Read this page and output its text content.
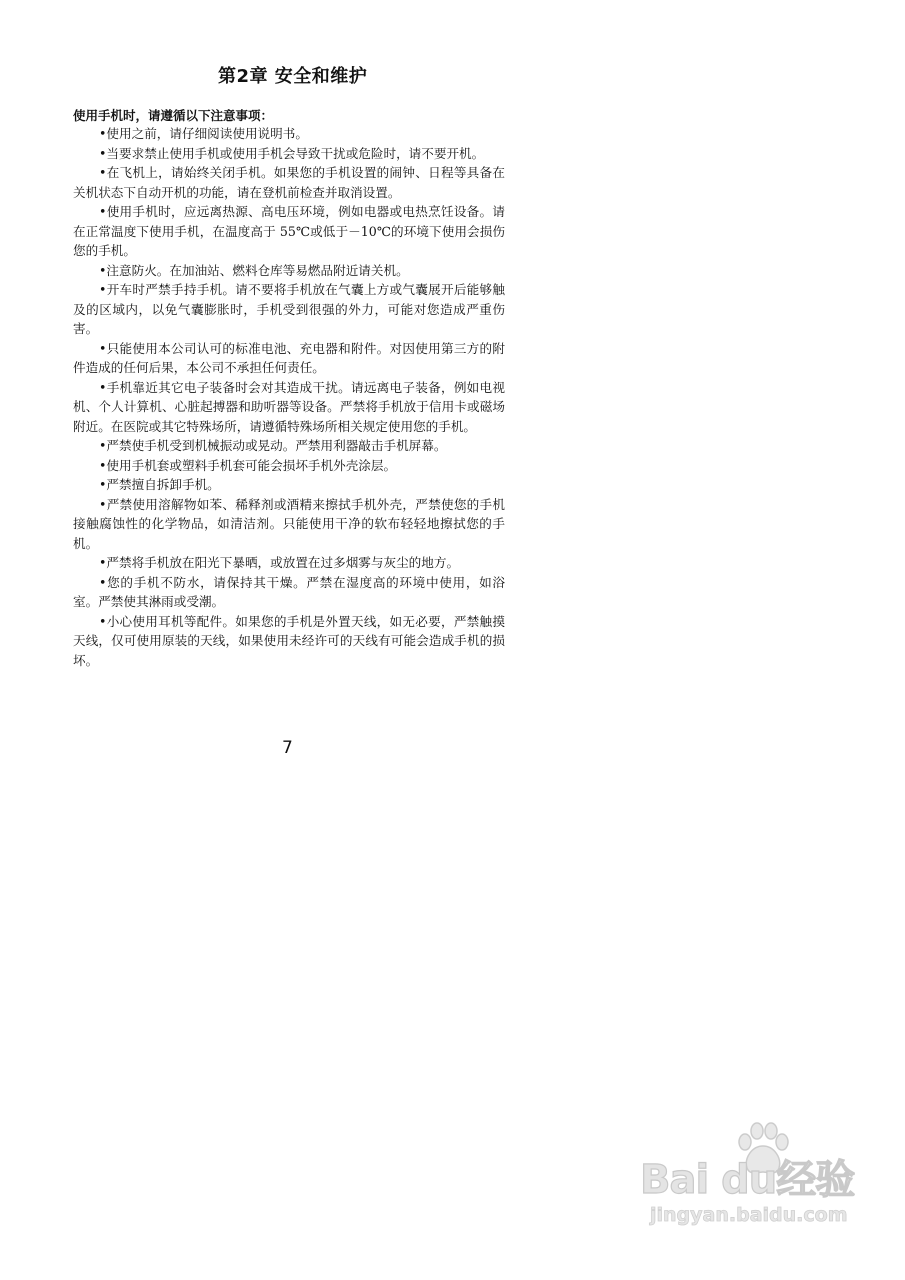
第2章 安全和维护
使用手机时，请遵循以下注意事项：
•使用之前，请仔细阅读使用说明书。
•当要求禁止使用手机或使用手机会导致干扰或危险时，请不要开机。
•在飞机上，请始终关闭手机。如果您的手机设置的闹钟、日程等具备在关机状态下自动开机的功能，请在登机前检查并取消设置。
•使用手机时，应远离热源、高电压环境，例如电器或电热烹饪设备。请在正常温度下使用手机，在温度高于 55℃或低于－10℃的环境下使用会损伤您的手机。
•注意防火。在加油站、燃料仓库等易燃品附近请关机。
•开车时严禁手持手机。请不要将手机放在气囊上方或气囊展开后能够触及的区域内，以免气囊膨胀时，手机受到很强的外力，可能对您造成严重伤害。
•只能使用本公司认可的标准电池、充电器和附件。对因使用第三方的附件造成的任何后果，本公司不承担任何责任。
•手机靠近其它电子装备时会对其造成干扰。请远离电子装备，例如电视机、个人计算机、心脏起搏器和助听器等设备。严禁将手机放于信用卡或磁场附近。在医院或其它特殊场所，请遵循特殊场所相关规定使用您的手机。
•严禁使手机受到机械振动或晃动。严禁用利器敲击手机屏幕。
•使用手机套或塑料手机套可能会损坏手机外壳涂层。
•严禁擅自拆卸手机。
•严禁使用溶解物如苯、稀释剂或酒精来擦拭手机外壳，严禁使您的手机接触腐蚀性的化学物品，如清洁剂。只能使用干净的软布轻轻地擦拭您的手机。
•严禁将手机放在阳光下暴晒，或放置在过多烟雾与灰尘的地方。
•您的手机不防水，请保持其干燥。严禁在湿度高的环境中使用，如浴室。严禁使其淋雨或受潮。
•小心使用耳机等配件。如果您的手机是外置天线，如无必要，严禁触摸天线，仅可使用原装的天线，如果使用未经许可的天线有可能会造成手机的损坏。
7
Bai du经验
jingyan.baidu.com
